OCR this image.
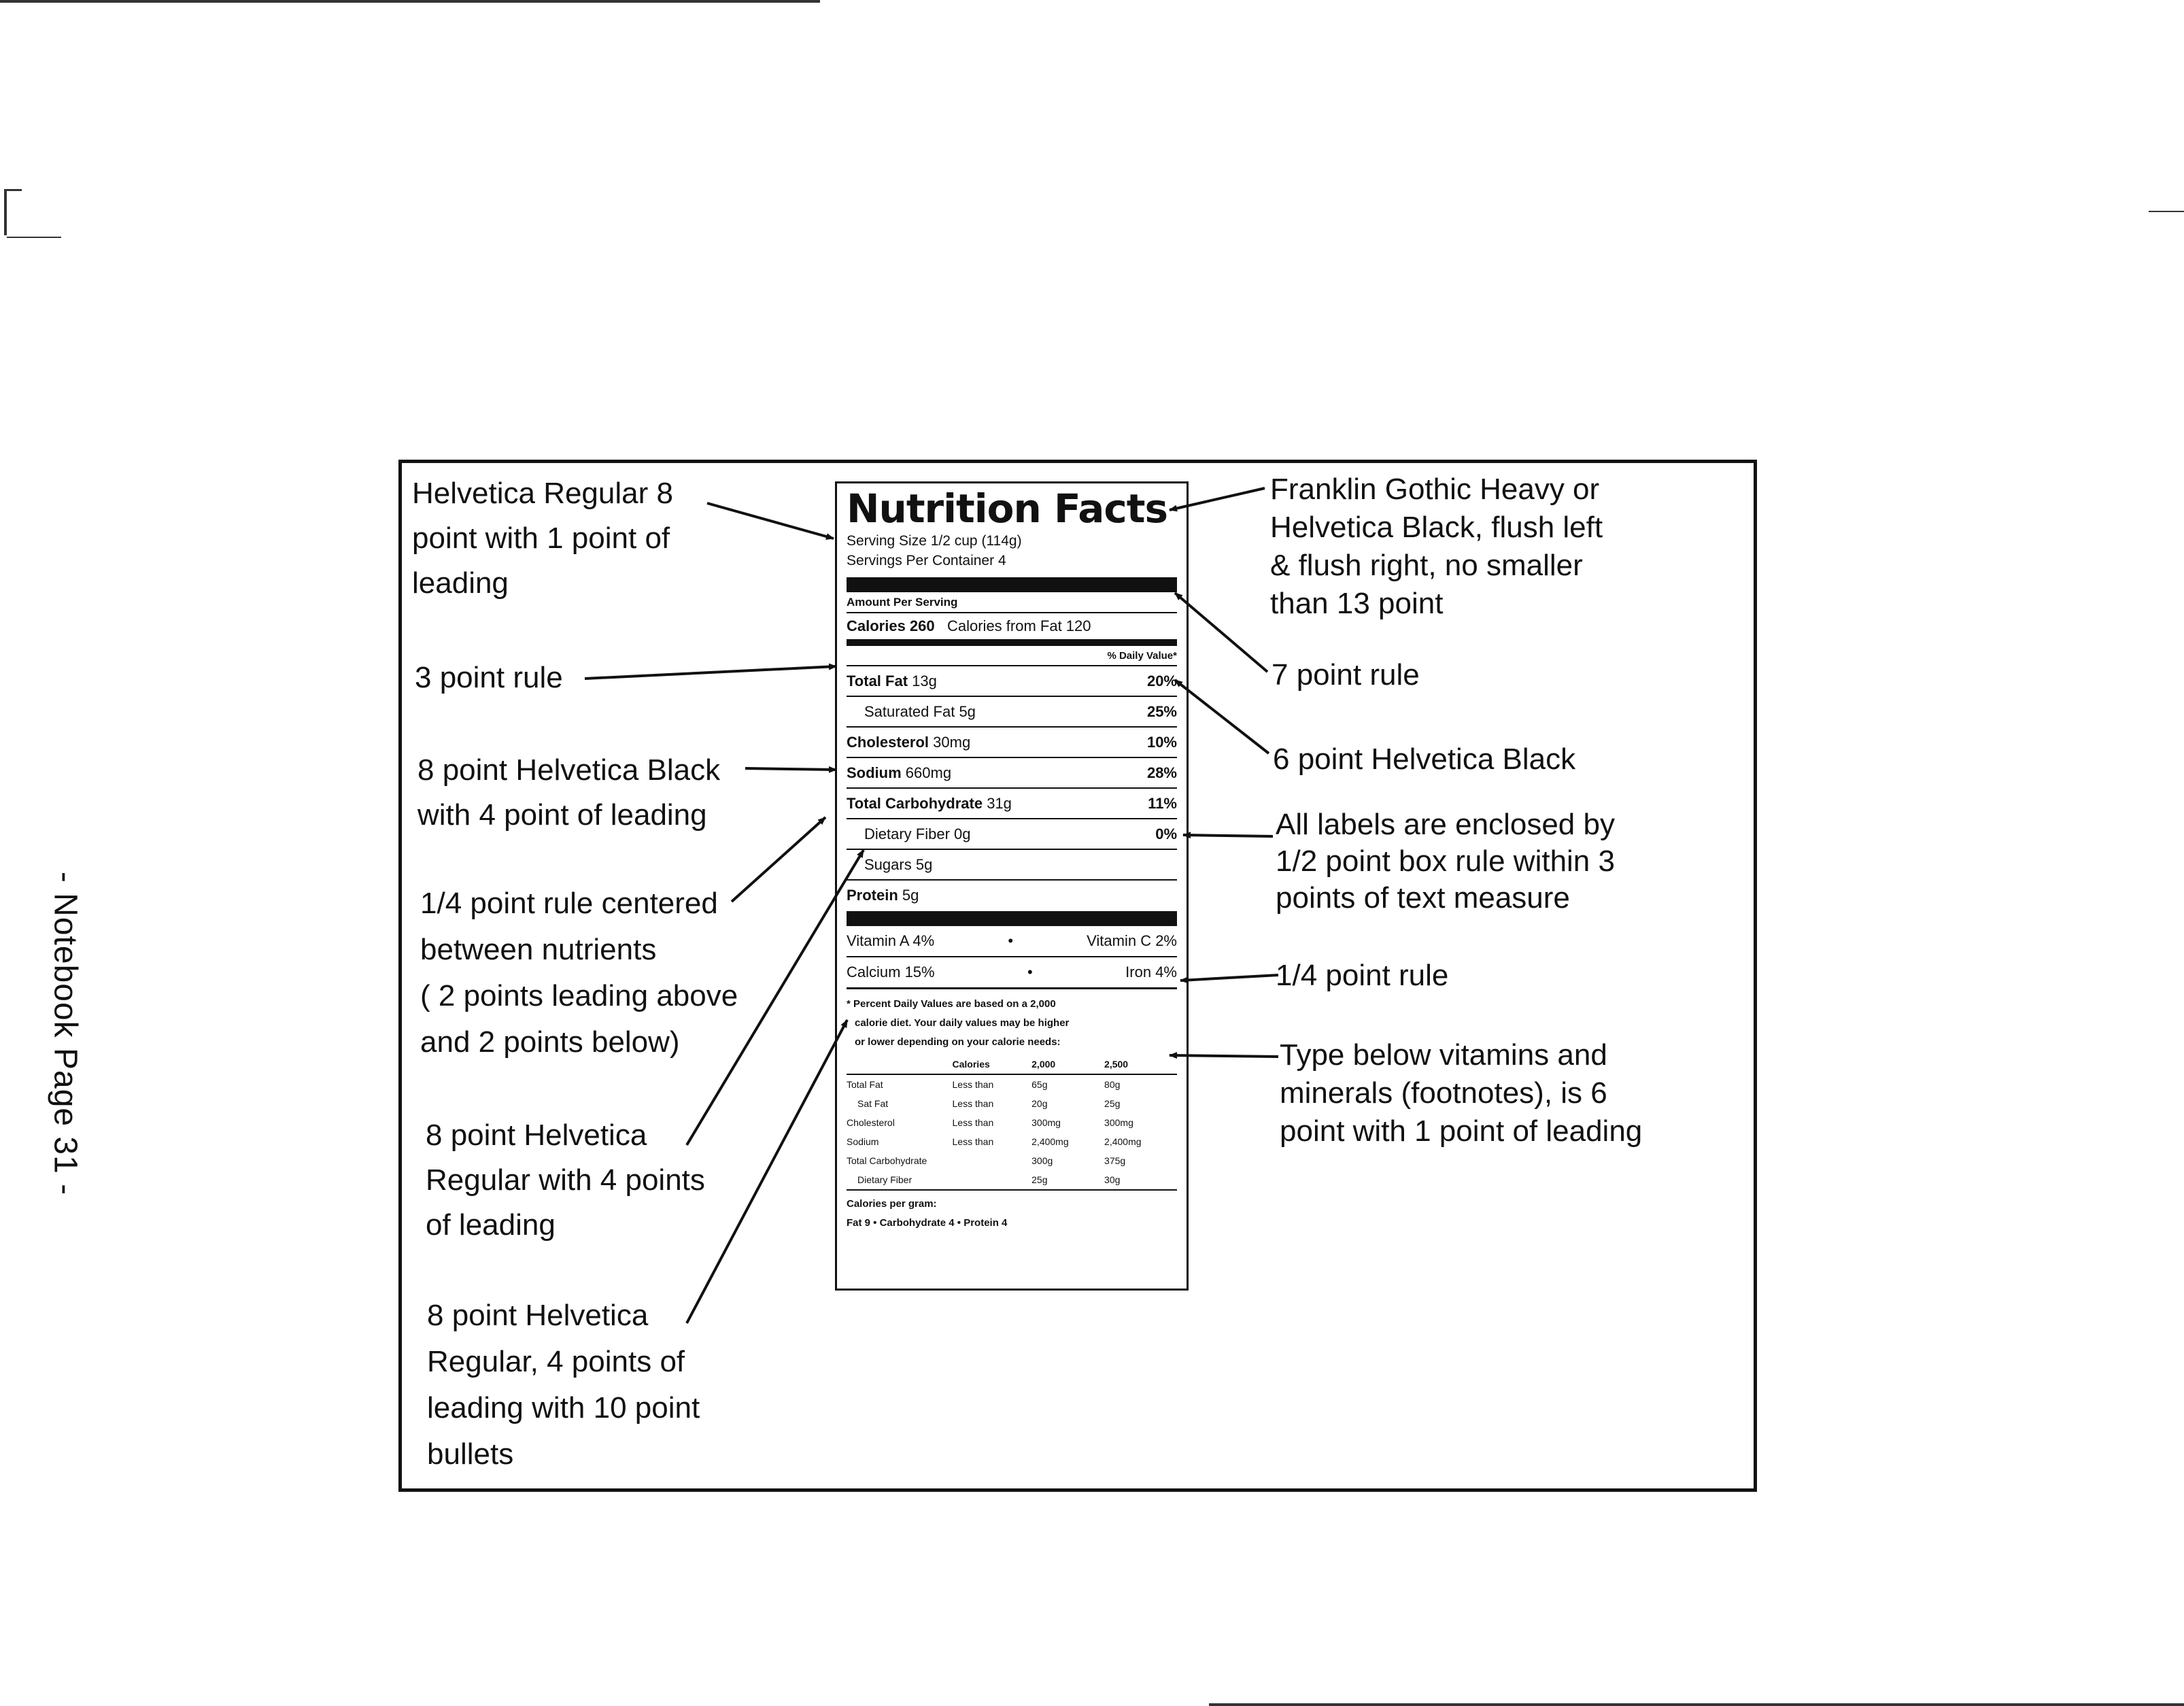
- Notebook Page 31 -
Helvetica Regular 8
point with 1 point of
leading
3 point rule
8 point Helvetica Black
with 4 point of leading
1/4 point rule centered
between nutrients
( 2 points leading above
and 2 points below)
8 point Helvetica
Regular with 4 points
of leading
8 point Helvetica
Regular, 4 points of
leading with 10 point
bullets
Franklin Gothic Heavy or
Helvetica Black, flush left
& flush right, no smaller
than 13 point
7 point rule
6 point Helvetica Black
All labels are enclosed by
1/2 point box rule within 3
points of text measure
1/4 point rule
Type below vitamins and
minerals (footnotes), is 6
point with 1 point of leading
Nutrition Facts
Serving Size 1/2 cup (114g)
Servings Per Container 4
Amount Per Serving
Calories 260 Calories from Fat 120
% Daily Value*
Total Fat 13g	20%
Saturated Fat 5g	25%
Cholesterol 30mg	10%
Sodium 660mg	28%
Total Carbohydrate 31g	11%
Dietary Fiber 0g	0%
Sugars 5g
Protein 5g
Vitamin A 4%	•	Vitamin C 2%
Calcium 15%	•	Iron 4%
* Percent Daily Values are based on a 2,000
calorie diet. Your daily values may be higher
or lower depending on your calorie needs:
	Calories	2,000	2,500
Total Fat	Less than	65g	80g
Sat Fat	Less than	20g	25g
Cholesterol	Less than	300mg	300mg
Sodium	Less than	2,400mg	2,400mg
Total Carbohydrate		300g	375g
Dietary Fiber		25g	30g
Calories per gram:
Fat 9 • Carbohydrate 4 • Protein 4
